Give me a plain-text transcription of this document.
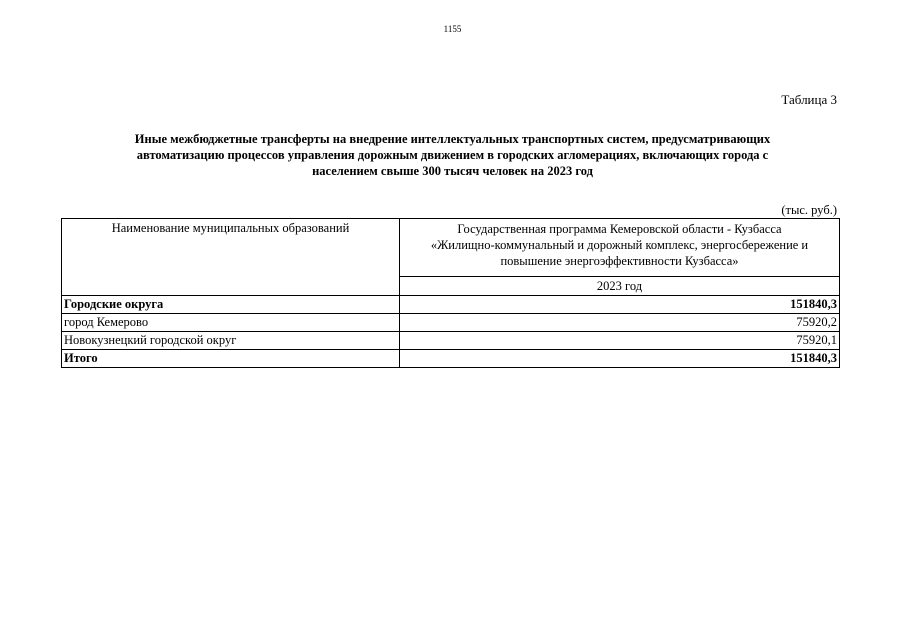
1155
Таблица 3
Иные межбюджетные трансферты на внедрение интеллектуальных транспортных систем, предусматривающих
автоматизацию процессов управления дорожным движением в городских агломерациях, включающих города с
населением свыше 300 тысяч человек на 2023 год
(тыс. руб.)
Наименование муниципальных образований	Государственная программа Кемеровской области - Кузбасса
«Жилищно-коммунальный и дорожный комплекс, энергосбережение и
повышение энергоэффективности Кузбасса»

	2023 год
Городские округа	151840,3
город Кемерово	75920,2
Новокузнецкий городской округ	75920,1
Итого	151840,3
